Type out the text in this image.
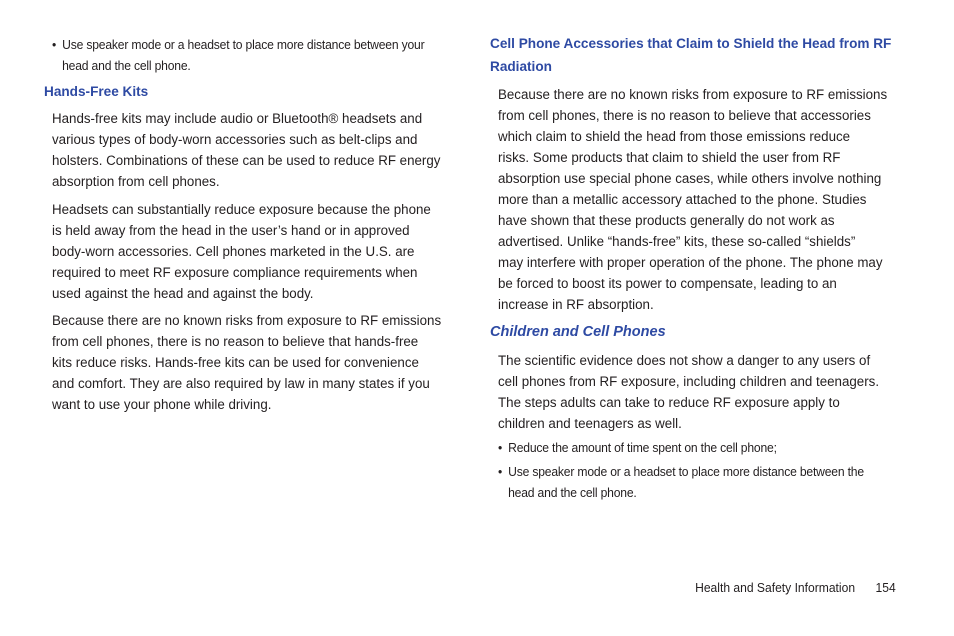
• Use speaker mode or a headset to place more distance between your
head and the cell phone.
Hands-Free Kits
Hands-free kits may include audio or Bluetooth® headsets and
various types of body-worn accessories such as belt-clips and
holsters. Combinations of these can be used to reduce RF energy
absorption from cell phones.
Headsets can substantially reduce exposure because the phone
is held away from the head in the user’s hand or in approved
body-worn accessories. Cell phones marketed in the U.S. are
required to meet RF exposure compliance requirements when
used against the head and against the body.
Because there are no known risks from exposure to RF emissions
from cell phones, there is no reason to believe that hands-free
kits reduce risks. Hands-free kits can be used for convenience
and comfort. They are also required by law in many states if you
want to use your phone while driving.
Cell Phone Accessories that Claim to Shield the Head from RF
Radiation
Because there are no known risks from exposure to RF emissions
from cell phones, there is no reason to believe that accessories
which claim to shield the head from those emissions reduce
risks. Some products that claim to shield the user from RF
absorption use special phone cases, while others involve nothing
more than a metallic accessory attached to the phone. Studies
have shown that these products generally do not work as
advertised. Unlike “hands-free” kits, these so-called “shields”
may interfere with proper operation of the phone. The phone may
be forced to boost its power to compensate, leading to an
increase in RF absorption.
Children and Cell Phones
The scientific evidence does not show a danger to any users of
cell phones from RF exposure, including children and teenagers.
The steps adults can take to reduce RF exposure apply to
children and teenagers as well.
• Reduce the amount of time spent on the cell phone;
• Use speaker mode or a headset to place more distance between the
head and the cell phone.
Health and Safety Information 154
